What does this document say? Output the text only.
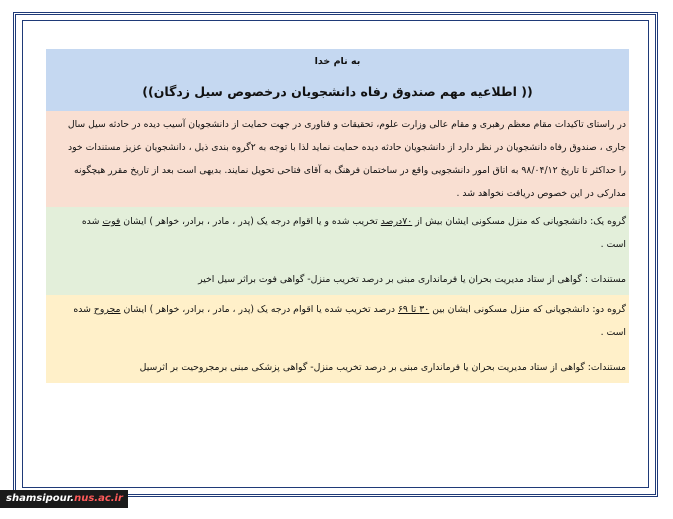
به نام خدا
(( اطلاعیه مهم صندوق رفاه دانشجویان درخصوص سیل زدگان))

در راستای تاکیدات مقام معظم رهبری و مقام عالی وزارت علوم، تحقیقات و فناوری در جهت حمایت از دانشجویان آسیب دیده در حادثه سیل سال

جاری ، صندوق رفاه دانشجویان در نظر دارد از دانشجویان حادثه دیده حمایت نماید لذا با توجه به ۲گروه بندی ذیل ، دانشجویان عزیز مستندات خود

را حداکثر تا تاریخ ۹۸/۰۴/۱۲ به اتاق امور دانشجویی واقع در ساختمان فرهنگ به آقای فتاحی تحویل نمایند. بدیهی است بعد از تاریخ مقرر هیچگونه

مدارکی در این خصوص دریافت نخواهد شد .

گروه یک: دانشجویانی که منزل مسکونی ایشان بیش از ۷۰درصد تخریب شده و یا اقوام درجه یک (پدر ، مادر ، برادر، خواهر ) ایشان فوت شده

است .

مستندات : گواهی از ستاد مدیریت بحران یا فرمانداری مبنی بر درصد تخریب منزل- گواهی فوت براثر سیل اخیر

گروه دو: دانشجویانی که منزل مسکونی ایشان بین ۳۰ تا ۶۹ درصد تخریب شده یا اقوام درجه یک (پدر ، مادر ، برادر، خواهر ) ایشان مجروح شده

است .

مستندات: گواهی از ستاد مدیریت بحران یا فرمانداری مبنی بر درصد تخریب منزل- گواهی پزشکی مبنی برمجروحیت بر اثرسیل

shamsipour.nus.ac.ir
